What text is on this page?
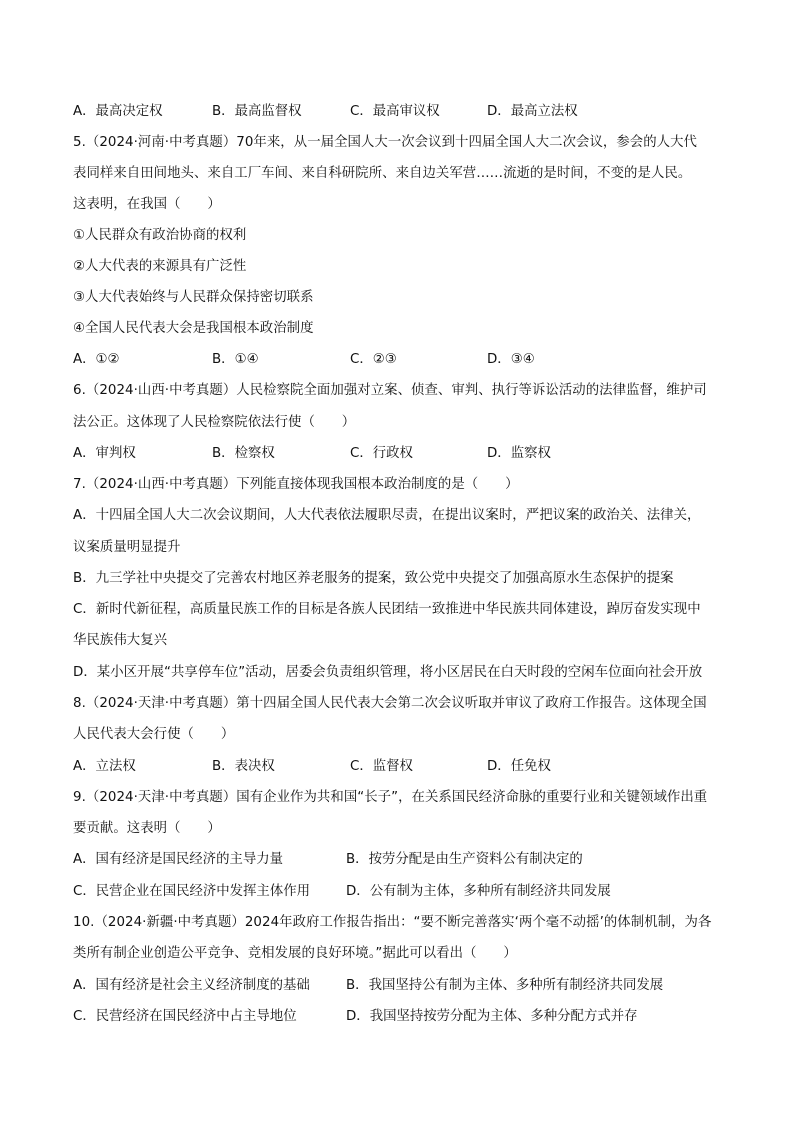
A．最高决定权	B．最高监督权	C．最高审议权	D．最高立法权
5.（2024·河南·中考真题）70年来，从一届全国人大一次会议到十四届全国人大二次会议，参会的人大代
表同样来自田间地头、来自工厂车间、来自科研院所、来自边关军营……流逝的是时间，不变的是人民。
这表明，在我国（　　）
①人民群众有政治协商的权利
②人大代表的来源具有广泛性
③人大代表始终与人民群众保持密切联系
④全国人民代表大会是我国根本政治制度
A．①②	B．①④	C．②③	D．③④
6.（2024·山西·中考真题）人民检察院全面加强对立案、侦查、审判、执行等诉讼活动的法律监督，维护司
法公正。这体现了人民检察院依法行使（　　）
A．审判权	B．检察权	C．行政权	D．监察权
7.（2024·山西·中考真题）下列能直接体现我国根本政治制度的是（　　）
A．十四届全国人大二次会议期间，人大代表依法履职尽责，在提出议案时，严把议案的政治关、法律关，
议案质量明显提升
B．九三学社中央提交了完善农村地区养老服务的提案，致公党中央提交了加强高原水生态保护的提案
C．新时代新征程，高质量民族工作的目标是各族人民团结一致推进中华民族共同体建设，踔厉奋发实现中
华民族伟大复兴
D．某小区开展“共享停车位”活动，居委会负责组织管理，将小区居民在白天时段的空闲车位面向社会开放
8.（2024·天津·中考真题）第十四届全国人民代表大会第二次会议听取并审议了政府工作报告。这体现全国
人民代表大会行使（　　）
A．立法权	B．表决权	C．监督权	D．任免权
9.（2024·天津·中考真题）国有企业作为共和国“长子”，在关系国民经济命脉的重要行业和关键领域作出重
要贡献。这表明（　　）
A．国有经济是国民经济的主导力量	B．按劳分配是由生产资料公有制决定的
C．民营企业在国民经济中发挥主体作用	D．公有制为主体，多种所有制经济共同发展
10.（2024·新疆·中考真题）2024年政府工作报告指出：“要不断完善落实‘两个毫不动摇’的体制机制，为各
类所有制企业创造公平竞争、竞相发展的良好环境。”据此可以看出（　　）
A．国有经济是社会主义经济制度的基础	B．我国坚持公有制为主体、多种所有制经济共同发展
C．民营经济在国民经济中占主导地位	D．我国坚持按劳分配为主体、多种分配方式并存
